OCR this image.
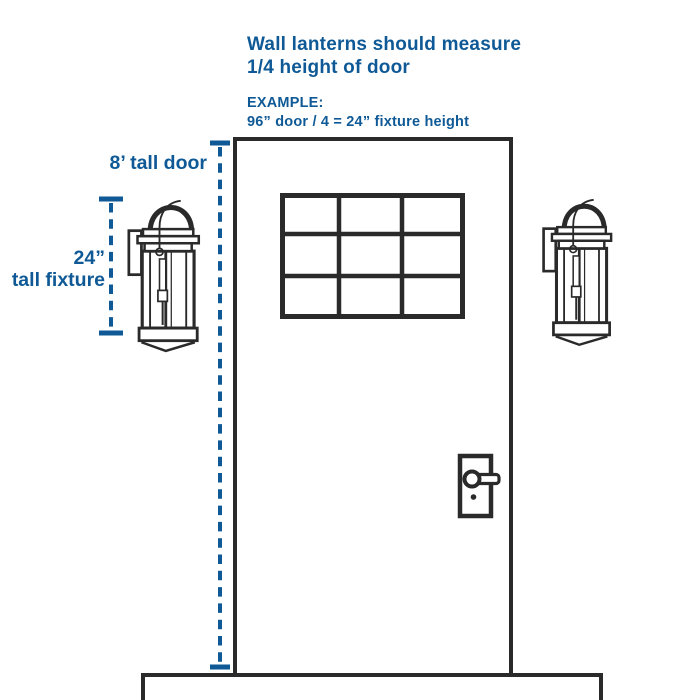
Wall lanterns should measure
1/4 height of door
EXAMPLE:
96” door / 4 = 24” fixture height
8’ tall door
24”
tall fixture
